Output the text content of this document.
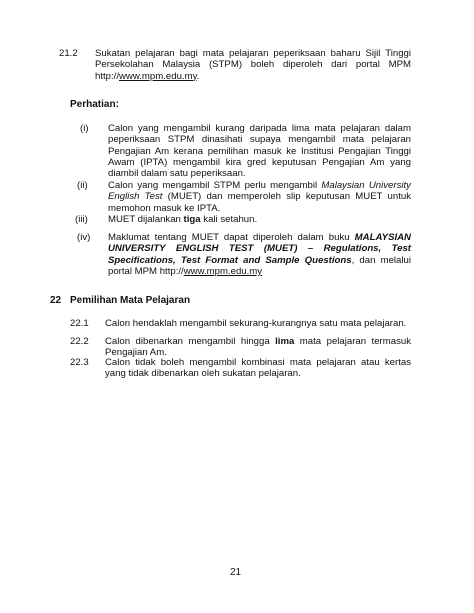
21.2 Sukatan pelajaran bagi mata pelajaran peperiksaan baharu Sijil Tinggi Persekolahan Malaysia (STPM) boleh diperoleh dari portal MPM http://www.mpm.edu.my.
Perhatian:
(i) Calon yang mengambil kurang daripada lima mata pelajaran dalam peperiksaan STPM dinasihati supaya mengambil mata pelajaran Pengajian Am kerana pemilihan masuk ke Institusi Pengajian Tinggi Awam (IPTA) mengambil kira gred keputusan Pengajian Am yang diambil dalam satu peperiksaan.
(ii) Calon yang mengambil STPM perlu mengambil Malaysian University English Test (MUET) dan memperoleh slip keputusan MUET untuk memohon masuk ke IPTA.
(iii) MUET dijalankan tiga kali setahun.
(iv) Maklumat tentang MUET dapat diperoleh dalam buku MALAYSIAN UNIVERSITY ENGLISH TEST (MUET) – Regulations, Test Specifications, Test Format and Sample Questions, dan melalui portal MPM http://www.mpm.edu.my
22 Pemilihan Mata Pelajaran
22.1 Calon hendaklah mengambil sekurang-kurangnya satu mata pelajaran.
22.2 Calon dibenarkan mengambil hingga lima mata pelajaran termasuk Pengajian Am.
22.3 Calon tidak boleh mengambil kombinasi mata pelajaran atau kertas yang tidak dibenarkan oleh sukatan pelajaran.
21
